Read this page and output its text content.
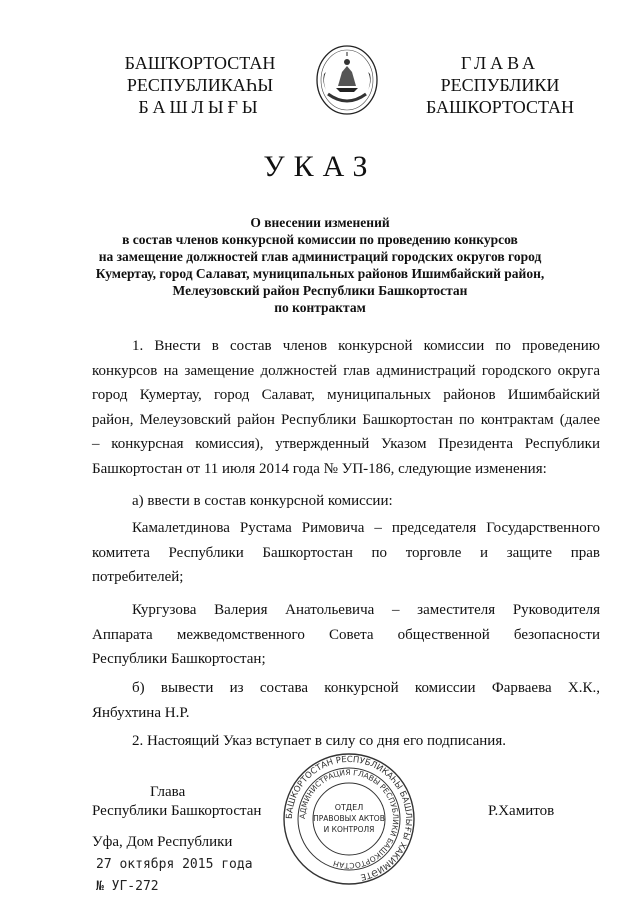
БАШҠОРТОСТАН
РЕСПУБЛИКАҺЫ
БАШЛЫҒЫ
ГЛАВА
РЕСПУБЛИКИ
БАШКОРТОСТАН
УКАЗ
О внесении изменений
в состав членов конкурсной комиссии по проведению конкурсов
на замещение должностей глав администраций городских округов город
Кумертау, город Салават, муниципальных районов Ишимбайский район,
Мелеузовский район Республики Башкортостан
по контрактам
1. Внести в состав членов конкурсной комиссии по проведению
конкурсов на замещение должностей глав администраций городского округа
город Кумертау, город Салават, муниципальных районов Ишимбайский
район, Мелеузовский район Республики Башкортостан по контрактам (далее
– конкурсная комиссия), утвержденный Указом Президента Республики
Башкортостан от 11 июля 2014 года № УП-186, следующие изменения:
а) ввести в состав конкурсной комиссии:
Камалетдинова Рустама Римовича – председателя Государственного
комитета Республики Башкортостан по торговле и защите прав
потребителей;
Кургузова Валерия Анатольевича – заместителя Руководителя
Аппарата межведомственного Совета общественной безопасности
Республики Башкортостан;
б) вывести из состава конкурсной комиссии Фарваева Х.К.,
Янбухтина Н.Р.
2. Настоящий Указ вступает в силу со дня его подписания.
Глава
Республики Башкортостан	Р.Хамитов
БАШКОРТОСТАН РЕСПУБЛИКАҺЫ БАШЛЫҒЫ ХАКИМИӘТЕ
АДМИНИСТРАЦИЯ ГЛАВЫ РЕСПУБЛИКИ БАШКОРТОСТАН
ОТДЕЛ
ПРАВОВЫХ АКТОВ
И КОНТРОЛЯ
Уфа, Дом Республики
27 октября 2015 года
№ УГ-272
